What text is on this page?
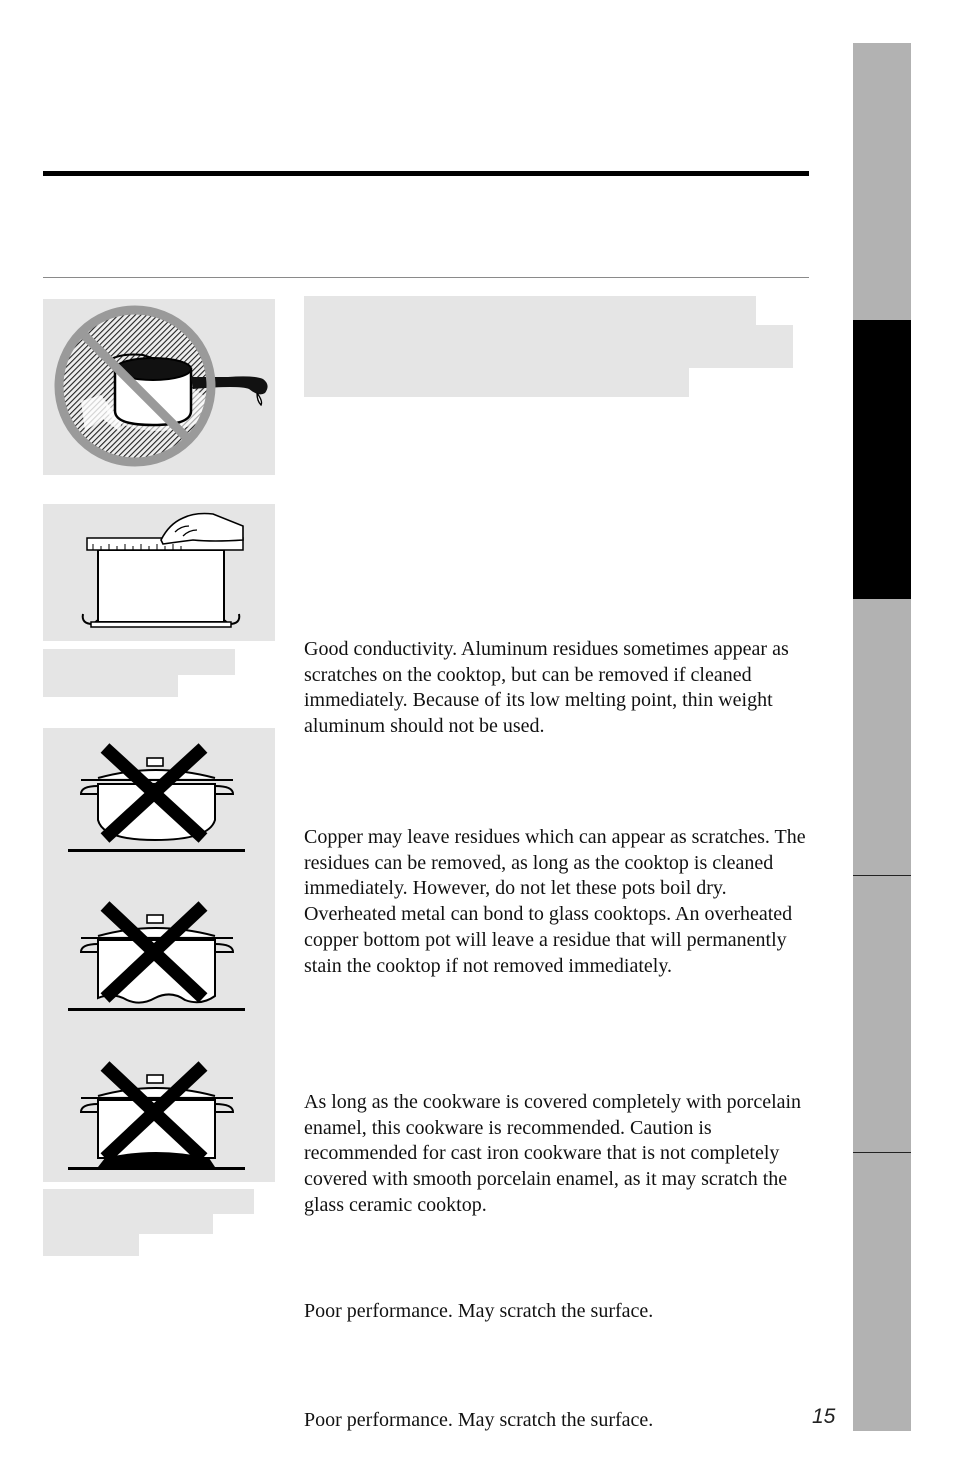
Good conductivity. Aluminum residues sometimes appear as scratches on the cooktop, but can be removed if cleaned immediately. Because of its low melting point, thin weight aluminum should not be used.
Copper may leave residues which can appear as scratches. The residues can be removed, as long as the cooktop is cleaned immediately. However, do not let these pots boil dry. Overheated metal can bond to glass cooktops. An overheated copper bottom pot will leave a residue that will permanently stain the cooktop if not removed immediately.
As long as the cookware is covered completely with porcelain enamel, this cookware is recommended. Caution is recommended for cast iron cookware that is not completely covered with smooth porcelain enamel, as it may scratch the glass ceramic cooktop.
Poor performance. May scratch the surface.
Poor performance. May scratch the surface.	15
